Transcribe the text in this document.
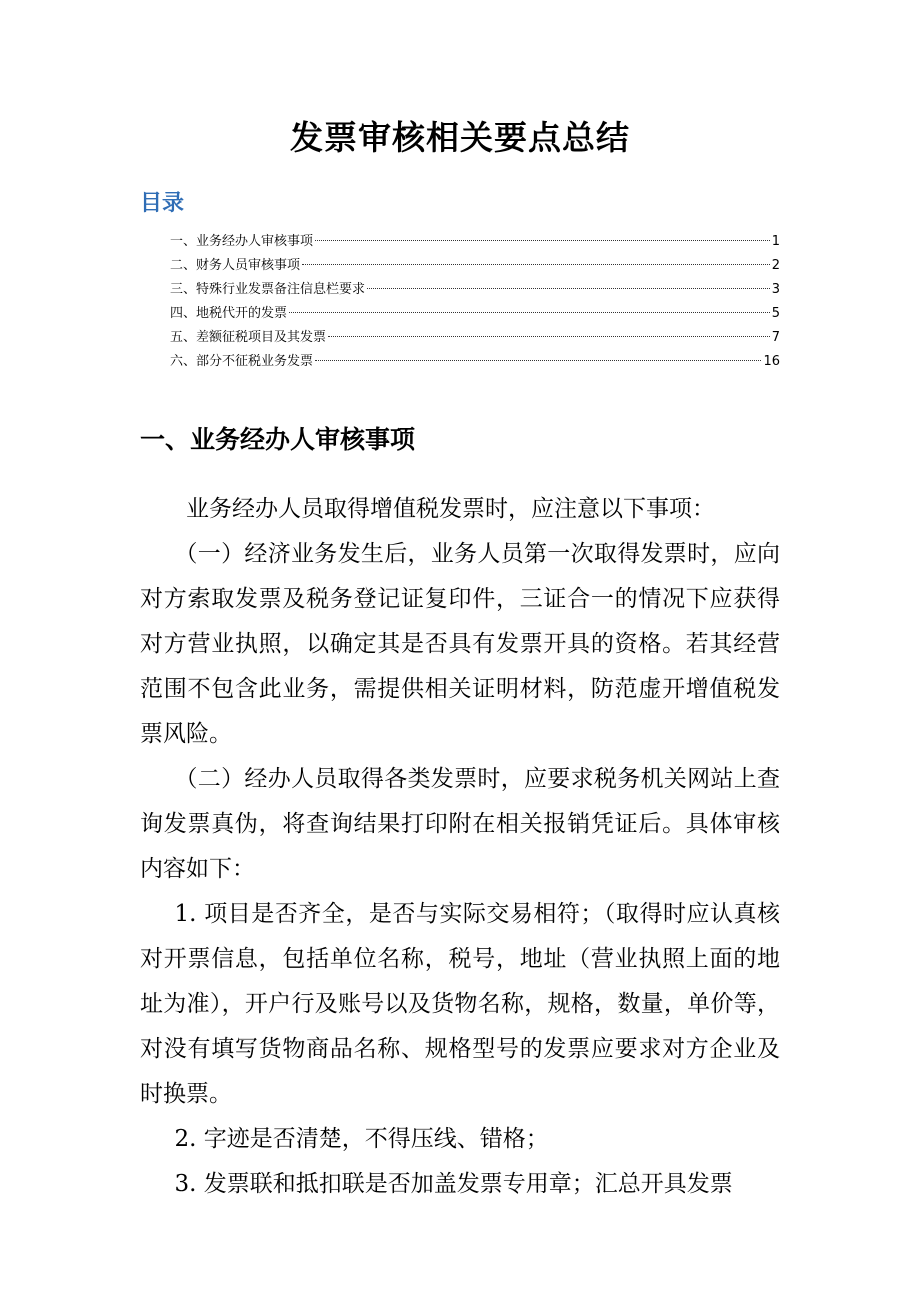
发票审核相关要点总结
目录
一、业务经办人审核事项	1
二、财务人员审核事项	2
三、特殊行业发票备注信息栏要求	3
四、地税代开的发票	5
五、差额征税项目及其发票	7
六、部分不征税业务发票	16
一、业务经办人审核事项

业务经办人员取得增值税发票时，应注意以下事项：

（一）经济业务发生后，业务人员第一次取得发票时，应向对方索取发票及税务登记证复印件，三证合一的情况下应获得对方营业执照，以确定其是否具有发票开具的资格。若其经营范围不包含此业务，需提供相关证明材料，防范虚开增值税发票风险。

（二）经办人员取得各类发票时，应要求税务机关网站上查询发票真伪，将查询结果打印附在相关报销凭证后。具体审核内容如下：

1. 项目是否齐全，是否与实际交易相符；（取得时应认真核对开票信息，包括单位名称，税号，地址（营业执照上面的地址为准），开户行及账号以及货物名称，规格，数量，单价等，对没有填写货物商品名称、规格型号的发票应要求对方企业及时换票。

2. 字迹是否清楚，不得压线、错格；

3. 发票联和抵扣联是否加盖发票专用章；汇总开具发票
